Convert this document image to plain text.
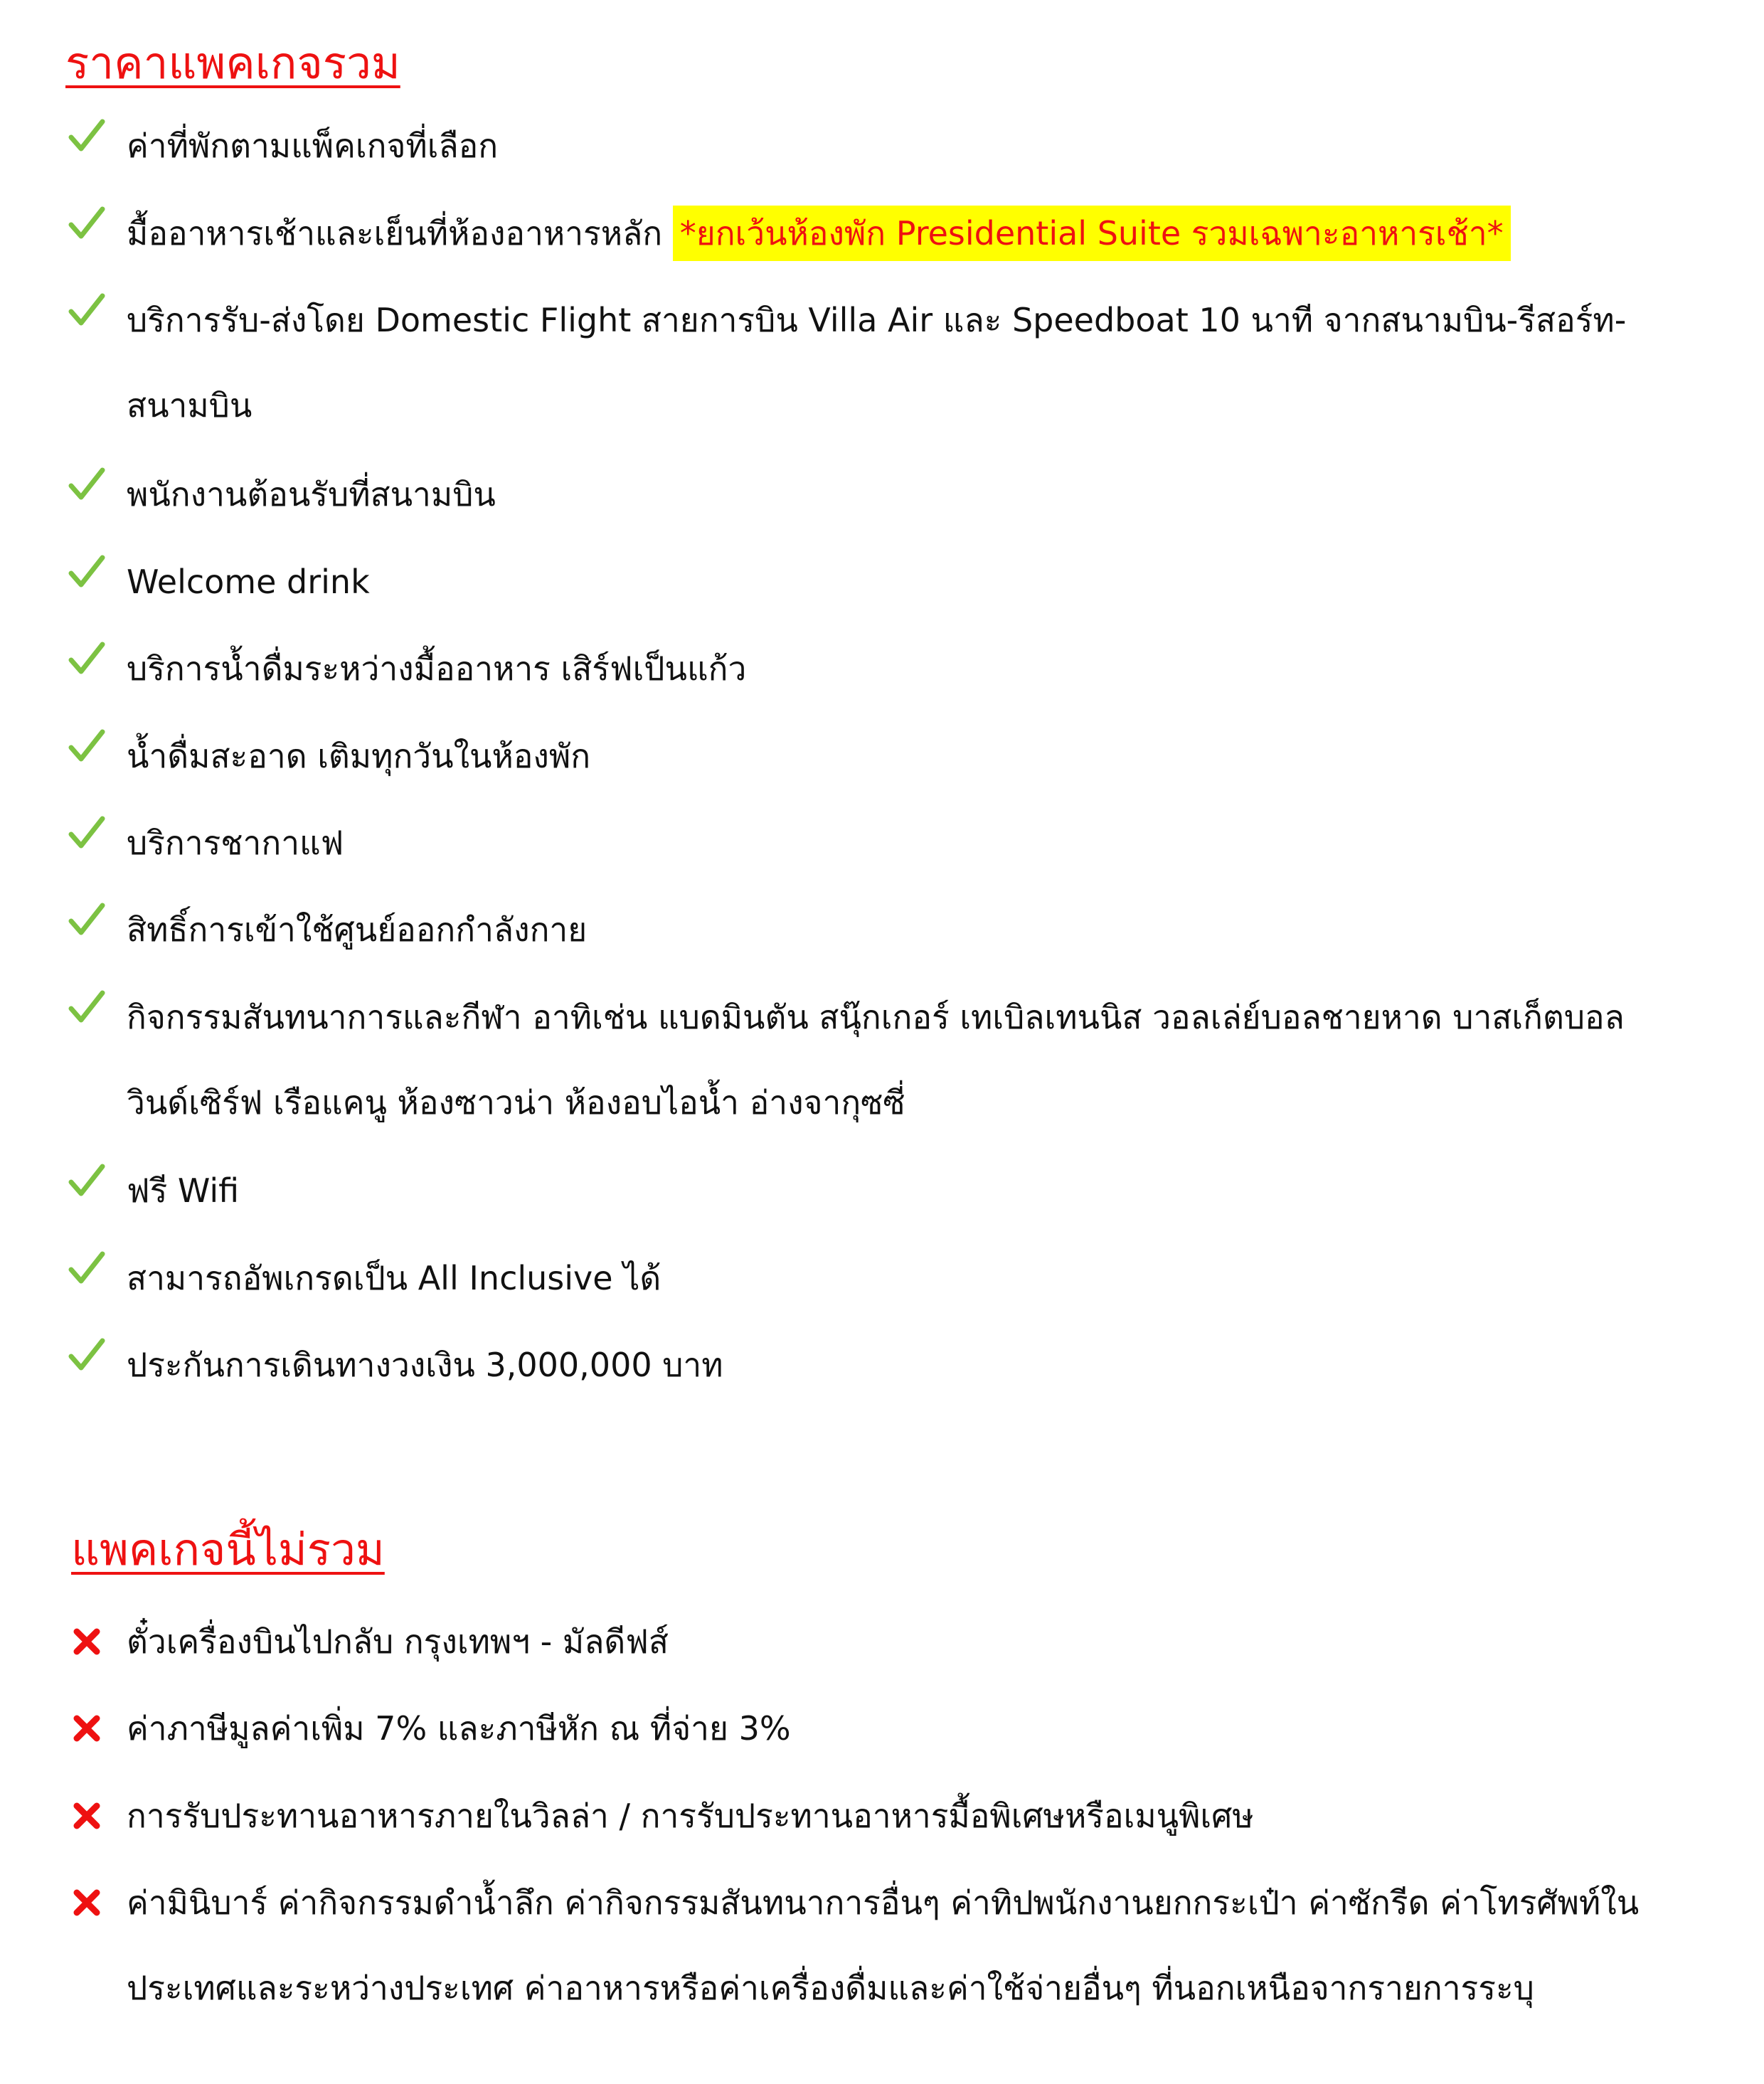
ราคาแพคเกจรวม
ค่าที่พักตามแพ็คเกจที่เลือก
มื้ออาหารเช้าและเย็นที่ห้องอาหารหลัก *ยกเว้นห้องพัก Presidential Suite รวมเฉพาะอาหารเช้า*
บริการรับ-ส่งโดย Domestic Flight สายการบิน Villa Air และ Speedboat 10 นาที จากสนามบิน-รีสอร์ท-
สนามบิน
พนักงานต้อนรับที่สนามบิน
Welcome drink
บริการน้ำดื่มระหว่างมื้ออาหาร เสิร์ฟเป็นแก้ว
น้ำดื่มสะอาด เติมทุกวันในห้องพัก
บริการชากาแฟ
สิทธิ์การเข้าใช้ศูนย์ออกกำลังกาย
กิจกรรมสันทนาการและกีฬา อาทิเช่น แบดมินตัน สนุ๊กเกอร์ เทเบิลเทนนิส วอลเล่ย์บอลชายหาด บาสเก็ตบอล
วินด์เซิร์ฟ เรือแคนู ห้องซาวน่า ห้องอบไอน้ำ อ่างจากุซซี่
ฟรี Wifi
สามารถอัพเกรดเป็น All Inclusive ได้
ประกันการเดินทางวงเงิน 3,000,000 บาท
แพคเกจนี้ไม่รวม
ตั๋วเครื่องบินไปกลับ กรุงเทพฯ - มัลดีฟส์
ค่าภาษีมูลค่าเพิ่ม 7% และภาษีหัก ณ ที่จ่าย 3%
การรับประทานอาหารภายในวิลล่า / การรับประทานอาหารมื้อพิเศษหรือเมนูพิเศษ
ค่ามินิบาร์ ค่ากิจกรรมดำน้ำลึก ค่ากิจกรรมสันทนาการอื่นๆ ค่าทิปพนักงานยกกระเป๋า ค่าซักรีด ค่าโทรศัพท์ใน
ประเทศและระหว่างประเทศ ค่าอาหารหรือค่าเครื่องดื่มและค่าใช้จ่ายอื่นๆ ที่นอกเหนือจากรายการระบุ
